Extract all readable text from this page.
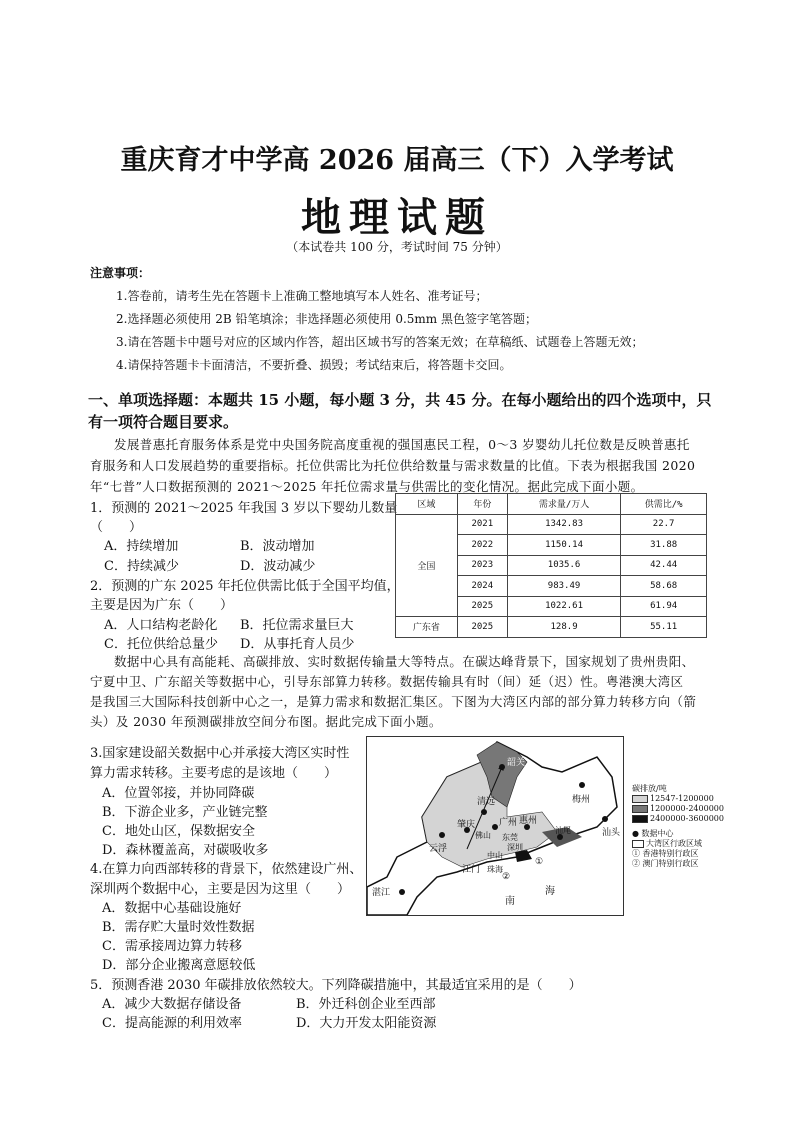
重庆育才中学高 2026 届高三（下）入学考试
地理试题
（本试卷共 100 分，考试时间 75 分钟）
注意事项：
1.答卷前，请考生先在答题卡上准确工整地填写本人姓名、准考证号；
2.选择题必须使用 2B 铅笔填涂；非选择题必须使用 0.5mm 黑色签字笔答题；
3.请在答题卡中题号对应的区域内作答，超出区域书写的答案无效；在草稿纸、试题卷上答题无效；
4.请保持答题卡卡面清洁，不要折叠、损毁；考试结束后，将答题卡交回。
一、单项选择题：本题共 15 小题，每小题 3 分，共 45 分。在每小题给出的四个选项中，只
有一项符合题目要求。
发展普惠托育服务体系是党中央国务院高度重视的强国惠民工程，0～3 岁婴幼儿托位数是反映普惠托
育服务和人口发展趋势的重要指标。托位供需比为托位供给数量与需求数量的比值。下表为根据我国 2020
年“七普”人口数据预测的 2021～2025 年托位需求量与供需比的变化情况。据此完成下面小题。
1．预测的 2021～2025 年我国 3 岁以下婴幼儿数量
（　　）
A．持续增加	B．波动增加
C．持续减少	D．波动减少
2．预测的广东 2025 年托位供需比低于全国平均值，
主要是因为广东（　　）
A．人口结构老龄化 B．托位需求量巨大
C．托位供给总量少 D．从事托育人员少
区域	年份	需求量/万人	供需比/%
全国	2021	1342.83	22.7
	2022	1150.14	31.88
	2023	1035.6	42.44
	2024	983.49	58.68
	2025	1022.61	61.94
广东省	2025	128.9	55.11
数据中心具有高能耗、高碳排放、实时数据传输量大等特点。在碳达峰背景下，国家规划了贵州贵阳、
宁夏中卫、广东韶关等数据中心，引导东部算力转移。数据传输具有时（间）延（迟）性。粤港澳大湾区
是我国三大国际科技创新中心之一，是算力需求和数据汇集区。下图为大湾区内部的部分算力转移方向（箭
头）及 2030 年预测碳排放空间分布图。据此完成下面小题。
3.国家建设韶关数据中心并承接大湾区实时性
算力需求转移。主要考虑的是该地（　　）
A．位置邻接，并协同降碳
B．下游企业多，产业链完整
C．地处山区，保数据安全
D．森林覆盖高，对碳吸收多
4.在算力向西部转移的背景下，依然建设广州、
深圳两个数据中心，主要是因为这里（　　）
A．数据中心基础设施好
B．需存贮大量时效性数据
C．需承接周边算力转移
D．部分企业搬离意愿较低
5．预测香港 2030 年碳排放依然较大。下列降碳措施中，其最适宜采用的是（　　）
A．减少大数据存储设备	B．外迁科创企业至西部
C．提高能源的利用效率	D．大力开发太阳能资源
韶关
梅州
清远
肇庆	广州 惠州
佛山 东莞
深圳
云浮
江门
中山
珠海
汕尾	汕头
湛江
南
海
①
②
碳排放/吨
12547-1200000
1200000-2400000
2400000-3600000
● 数据中心
大湾区行政区域
① 香港特别行政区
② 澳门特别行政区
